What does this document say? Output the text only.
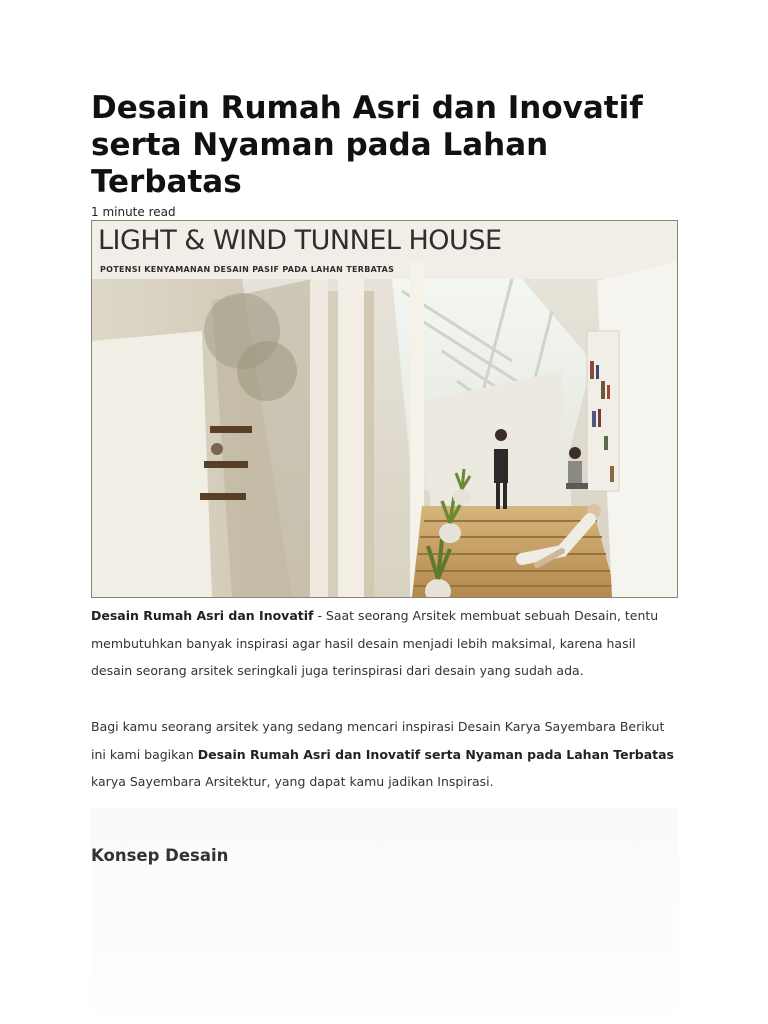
Desain Rumah Asri dan Inovatif serta Nyaman pada Lahan Terbatas
1 minute read
LIGHT & WIND TUNNEL HOUSE
POTENSI KENYAMANAN DESAIN PASIF PADA LAHAN TERBATAS
Desain Rumah Asri dan Inovatif - Saat seorang Arsitek membuat sebuah Desain, tentu membutuhkan banyak inspirasi agar hasil desain menjadi lebih maksimal, karena hasil desain seorang arsitek seringkali juga terinspirasi dari desain yang sudah ada.
Bagi kamu seorang arsitek yang sedang mencari inspirasi Desain Karya Sayembara Berikut ini kami bagikan Desain Rumah Asri dan Inovatif serta Nyaman pada Lahan Terbatas karya Sayembara Arsitektur, yang dapat kamu jadikan Inspirasi.
Konsep Desain
